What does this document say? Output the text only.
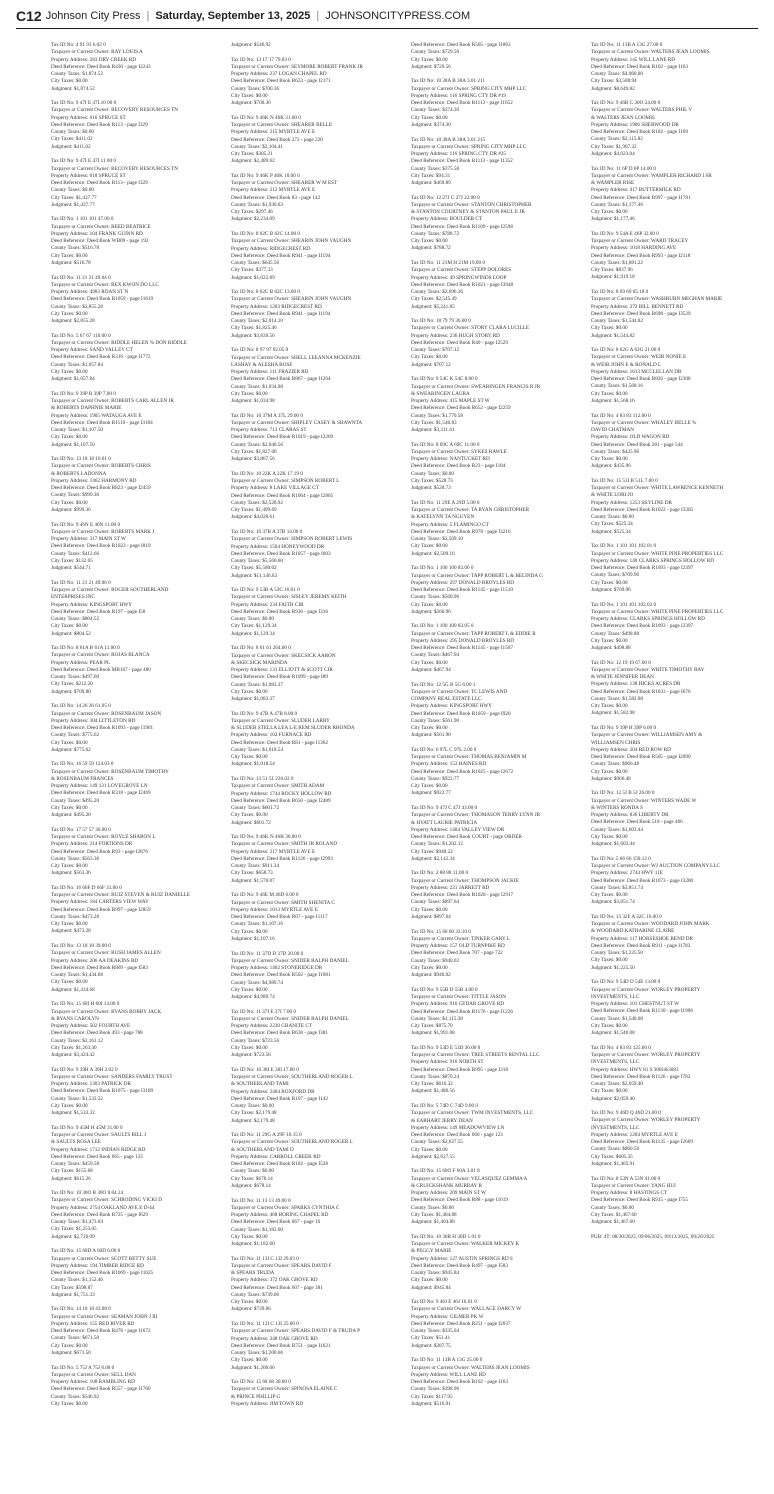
C12 Johnson City Press | Saturday, September 13, 2025 | JOHNSONCITYPRESS.COM
Tax ID No: 4 91 93 6.02 0
Taxpayer or Current Owner: RAY LOUIS A
Property Address: 283 DRY CREEK RD
Deed Reference: Deed Book R430 - page I2243
County Taxes: $1,874.52
City Taxes: $0.00
Judgment: $1,874.52
Tax ID No: 9 47I E 47I.10 00 0
Taxpayer or Current Owner: RECOVERY RESOURCES TN
Property Address: 616 SPRUCE ST
Deed Reference: Deed Book R113 - page I329
County Taxes: $0.00
City Taxes: $411.02
Judgment: $411.02
Tax ID No: 9 47I E 47I.11 00 0
Taxpayer or Current Owner: RECOVERY RESOURCES TN
Property Address: 618 SPRUCE ST
Deed Reference: Deed Book R113 - page I329
County Taxes: $0.00
City Taxes: $1,437.77
Judgment: $1,437.77
Tax ID No: 1 101 101 47.00 0
Taxpayer or Current Owner: REED BEATRICE
Property Address: 104 FRANK GUINN RD
Deed Reference: Deed Book WB09 - page 192
County Taxes: $516.78
City Taxes: $0.00
Judgment: $516.78
Tax ID No: 11 21 21 49.04 0
Taxpayer or Current Owner: REX KWON DO LLC
Property Address: 4903 ROAN ST N
Deed Reference: Deed Book R1059 - page I1619
County Taxes: $2,855.28
City Taxes: $0.00
Judgment: $2,855.28
Tax ID No: 5 67 67 110.00 0
Taxpayer or Current Owner: RIDDLE HELEN % DON RIDDLE
Property Address: SAND VALLEY CT
Deed Reference: Deed Book R316 - page I1772
County Taxes: $1,057.84
City Taxes: $0.00
Judgment: $1,057.84
Tax ID No: 9 39P B 39P 7.00 0
Taxpayer or Current Owner: ROBERTS CARL ALLEN JR
& ROBERTS DAPHNIE MARIE
Property Address: 1905 WATAUGA AVE E
Deed Reference: Deed Book R1110 - page I3184
County Taxes: $1,107.50
City Taxes: $0.00
Judgment: $1,107.50
Tax ID No: 13 18 18 16.01 0
Taxpayer or Current Owner: ROBERTS CHRIS
& ROBERTS LADONNA
Property Address: 1462 HARMONY RD
Deed Reference: Deed Book R823 - page I2459
County Taxes: $999.36
City Taxes: $0.00
Judgment: $999.36
Tax ID No: 9 46N E 46N 11.00 0
Taxpayer or Current Owner: ROBERTS MARK J
Property Address: 317 MAIN ST W
Deed Reference: Deed Book R1023 - page I819
County Taxes: $412.66
City Taxes: $132.05
Judgment: $544.71
Tax ID No: 11 21 21 49.06 0
Taxpayer or Current Owner: ROGER SOUTHERLAND
ENTERPRISES INC
Property Address: KINGSPORT HWY
Deed Reference: Deed Book R197 - page I58
County Taxes: $804.52
City Taxes: $0.00
Judgment: $804.52
Tax ID No: 8 61A B 61A 11.00 0
Taxpayer or Current Owner: ROJAS BLANCA
Property Address: PEAR PL
Deed Reference: Deed Book MB167 - page 480
County Taxes: $497.60
City Taxes: $212.20
Judgment: $709.80
Tax ID No: 14 26 26 61.05 0
Taxpayer or Current Owner: ROSENBAUM JASON
Property Address: 304 LITTLETON RD
Deed Reference: Deed Book R1093 - page I1901
County Taxes: $775.62
City Taxes: $0.00
Judgment: $775.62
Tax ID No: 16 59 59 124.03 0
Taxpayer or Current Owner: ROSENBAUM TIMOTHY
& ROSENBAUM FRANCES
Property Address: 149 131 LOVEGROVE LN
Deed Reference: Deed Book R318 - page I2469
County Taxes: $495.20
City Taxes: $0.00
Judgment: $495.20
Tax ID No: 17 57 57 36.00 0
Taxpayer or Current Owner: ROYLE SHARON L
Property Address: 214 FORTIONS DR
Deed Reference: Deed Book R93 - page I2876
County Taxes: $563.36
City Taxes: $0.00
Judgment: $563.36
Tax ID No: 16 66F D 66F 31.00 0
Taxpayer or Current Owner: RUIZ STEVEN & RUIZ DANIELLE
Property Address: 184 CARTERS VIEW WAY
Deed Reference: Deed Book R997 - page I2859
County Taxes: $473.28
City Taxes: $0.00
Judgment: $473.28
Tax ID No: 13 18 18 39.00 0
Taxpayer or Current Owner: RUSH JAMES ALLEN
Property Address: 206 AA DEAKINS RD
Deed Reference: Deed Book R869 - page I583
County Taxes: $1,434.68
City Taxes: $0.00
Judgment: $1,434.68
Tax ID No: 15 60I H 60I 14.00 0
Taxpayer or Current Owner: RYANS BOBBY JACK
& RYANS CAROLYN
Property Address: 502 FOURTH AVE
Deed Reference: Deed Book 493 - page 788
County Taxes: $2,161.12
City Taxes: $1,263.30
Judgment: $3,424.42
Tax ID No: 9 39H A 39H 2.02 0
Taxpayer or Current Owner: SANDERS FAMILY TRUST
Property Address: 1303 PATRICK DR
Deed Reference: Deed Book R1075 - page I3189
County Taxes: $1,533.32
City Taxes: $0.00
Judgment: $1,533.32
Tax ID No: 9 45M H 45M 31.00 0
Taxpayer or Current Owner: SAULTS BILL J
& SAULTS ROSA LEE
Property Address: 1712 INDIAN RIDGE RD
Deed Reference: Deed Book 665 - page 133
County Taxes: $459.58
City Taxes: $155.68
Judgment: $615.26
Tax ID No: 10 30O B 30O 8.04 24
Taxpayer or Current Owner: SCHRODING VICKI D
Property Address: 2754 OAKLAND AVE E D-44
Deed Reference: Deed Book R725 - page I629
County Taxes: $1,473.04
City Taxes: $1,253.05
Judgment: $2,726.09
Tax ID No: 15 60D A 60D 6.00 0
Taxpayer or Current Owner: SCOTT BETTY SUE
Property Address: 194 TIMBER RIDGE RD
Deed Reference: Deed Book R1069 - page I1625
County Taxes: $1,152.46
City Taxes: $598.87
Judgment: $1,751.33
Tax ID No: 14 18 18 43.08 0
Taxpayer or Current Owner: SEAMAN JOHN J III
Property Address: 155 RED RIVER RD
Deed Reference: Deed Book R478 - page I1672
County Taxes: $671.50
City Taxes: $0.00
Judgment: $671.50
Tax ID No: 5 75J A 75J 8.00 0
Taxpayer or Current Owner: SELL DAN
Property Address: 108 RAMBLING RD
Deed Reference: Deed Book R557 - page I1760
County Taxes: $546.92
City Taxes: $0.00
Judgment: $546.92
Tax ID No: 13 17 17 79.03 0
Taxpayer or Current Owner: SEYMORE ROBERT FRANK JR
Property Address: 237 LOGAN CHAPEL RD
Deed Reference: Deed Book R623 - page I2171
County Taxes: $700.36
City Taxes: $0.00
Judgment: $700.36
Tax ID No: 9 46K N 46K 31.00 0
Taxpayer or Current Owner: SHEARER BELLE
Property Address: 215 MYRTLE AVE E
Deed Reference: Deed Book 272 - page 220
County Taxes: $2,104.41
City Taxes: $385.21
Judgment: $2,489.62
Tax ID No: 9 46K P 46K 10.00 0
Taxpayer or Current Owner: SHEARER W M EST
Property Address: 212 MYRTLE AVE E
Deed Reference: Deed Book 83 - page 142
County Taxes: $1,936.63
City Taxes: $297.46
Judgment: $2,234.09
Tax ID No: 8 62C B 62C 14.00 0
Taxpayer or Current Owner: SHEARIN JOHN VAUGHN
Property Address: RIDGECREST RD
Deed Reference: Deed Book R941 - page I1194
County Taxes: $645.56
City Taxes: $377.33
Judgment: $1,022.89
Tax ID No: 8 62C B 62C 13.00 0
Taxpayer or Current Owner: SHEARIN JOHN VAUGHN
Property Address: 1203 RIDGECREST RD
Deed Reference: Deed Book R941 - page I1194
County Taxes: $2,014.10
City Taxes: $1,825.46
Judgment: $3,839.56
Tax ID No: 8 97 97 92.05 0
Taxpayer or Current Owner: SHELL LEEANNA MCKENZIE
LASHAY & ALESHA ROSE
Property Address: 111 FRAZIER RD
Deed Reference: Deed Book R867 - page I1264
County Taxes: $1,034.98
City Taxes: $0.00
Judgment: $1,034.98
Tax ID No: 10 37M A 37L 29.00 0
Taxpayer or Current Owner: SHIPLEY CASEY & SHAWNTA
Property Address: 713 CLARAS ST
Deed Reference: Deed Book R1019 - page I2269
County Taxes: $2,040.56
City Taxes: $1,827.00
Judgment: $3,867.56
Tax ID No: 10 22K A 22K 17.19 0
Taxpayer or Current Owner: SIMPSON ROBERT L
Property Address: 8 LAKE VILLAGE CT
Deed Reference: Deed Book R1064 - page I2865
County Taxes: $2,528.92
City Taxes: $1,499.69
Judgment: $4,028.61
Tax ID No: 10 37B A 37B 14.00 0
Taxpayer or Current Owner: SIMPSON ROBERT LEWIS
Property Address: 1504 HONEYWOOD DR
Deed Reference: Deed Book R1057 - page I603
County Taxes: $5,566.60
City Taxes: $5,580.02
Judgment: $11,146.62
Tax ID No: 9 53B A 53C 16.01 0
Taxpayer or Current Owner: SISLEY JEREMY KEITH
Property Address: 234 FAITH CIR
Deed Reference: Deed Book R936 - page I316
County Taxes: $0.00
City Taxes: $1,129.34
Judgment: $1,129.34
Tax ID No: 8 61 61 264.00 0
Taxpayer or Current Owner: SKECSICK AARON
& SKECSICK MARINDA
Property Address: 131 ELLIOTT & SCOTT CIR
Deed Reference: Deed Book R1099 - page I89
County Taxes: $1,083.37
City Taxes: $0.00
Judgment: $1,083.37
Tax ID No: 9 47B A 47B 8.00 0
Taxpayer or Current Owner: SLUDER LARRY
& SLUDER STELLA LEA L/E REM:SLUDER RHONDA
Property Address: 102 FURNACE RD
Deed Reference: Deed Book R81 - page I1362
County Taxes: $1,018.54
City Taxes: $0.00
Judgment: $1,018.54
Tax ID No: 13 51 51 226.02 0
Taxpayer or Current Owner: SMITH ADAM
Property Address: 1744 ROCKY HOLLOW RD
Deed Reference: Deed Book R650 - page I2489
County Taxes: $601.72
City Taxes: $0.00
Judgment: $601.72
Tax ID No: 9 46K N 46K 30.00 0
Taxpayer or Current Owner: SMITH JR ROLAND
Property Address: 217 MYRTLE AVE E
Deed Reference: Deed Book R1126 - page I2993
County Taxes: $911.34
City Taxes: $658.73
Judgment: $1,570.07
Tax ID No: 9 46E M 46D 6.00 0
Taxpayer or Current Owner: SMITH SHENITA C
Property Address: 1013 MYRTLE AVE E
Deed Reference: Deed Book R67 - page I1117
County Taxes: $1,107.16
City Taxes: $0.00
Judgment: $1,107.16
Tax ID No: 11 37D D 37D 20.00 0
Taxpayer or Current Owner: SNIDER RALPH DANIEL
Property Address: 1462 STONERIDGE DR
Deed Reference: Deed Book R502 - page I1081
County Taxes: $4,989.74
City Taxes: $0.00
Judgment: $4,989.74
Tax ID No: 11 37I E 37I 7.00 0
Taxpayer or Current Owner: SNIDER RALPH DANIEL
Property Address: 2230 GRANITE CT
Deed Reference: Deed Book R638 - page I381
County Taxes: $723.56
City Taxes: $0.00
Judgment: $723.56
Tax ID No: 10 38I E 38I 17.00 0
Taxpayer or Current Owner: SOUTHERLAND ROGER L
& SOUTHERLAND TAMI
Property Address: 2404 ROXFORD DR
Deed Reference: Deed Book R107 - page I142
County Taxes: $0.00
City Taxes: $2,179.48
Judgment: $2,179.48
Tax ID No: 11 29G A 29F 16.15 0
Taxpayer or Current Owner: SOUTHERLAND ROGER L
& SOUTHERLAND TAMI D
Property Address: CARROLL CREEK RD
Deed Reference: Deed Book R102 - page I528
County Taxes: $0.00
City Taxes: $678.14
Judgment: $678.14
Tax ID No: 11 13 13 49.00 0
Taxpayer or Current Owner: SPARKS CYNTHIA C
Property Address: 468 BORING CHAPEL RD
Deed Reference: Deed Book 667 - page 16
County Taxes: $1,182.60
City Taxes: $0.00
Judgment: $1,182.60
Tax ID No: 11 13I C 13I 29.03 0
Taxpayer or Current Owner: SPEARS DAVID F
& SPEARS TRUDA
Property Address: 372 OAK GROVE RD
Deed Reference: Deed Book 607 - page 381
County Taxes: $739.06
City Taxes: $0.00
Judgment: $739.06
Tax ID No: 11 13I C 13I 25.00 0
Taxpayer or Current Owner: SPEARS DAVID F & TRUDA P
Property Address: 348 OAK GROVE RD
Deed Reference: Deed Book R751 - page I1621
County Taxes: $1,200.66
City Taxes: $0.00
Judgment: $1,200.66
Tax ID No: 15 68 68 30.00 0
Taxpayer or Current Owner: SPINOSA ELAINE C
& PRINCE PHILLIP G
Property Address: JIM TOWN RD
Deed Reference: Deed Book R505 - page I1863
County Taxes: $729.56
City Taxes: $0.00
Judgment: $729.56
Tax ID No: 10 38A B 38A 3.01 211
Taxpayer or Current Owner: SPRING CITY MHP LLC
Property Address: 116 SPRING CTY DR #19
Deed Reference: Deed Book R1113 - page I1652
County Taxes: $374.30
City Taxes: $0.00
Judgment: $374.30
Tax ID No: 10 38A B 38A 3.01 215
Taxpayer or Current Owner: SPRING CITY MHP LLC
Property Address: 116 SPRING CTY DR #25
Deed Reference: Deed Book R1113 - page I1352
County Taxes: $375.58
City Taxes: $94.31
Judgment: $469.89
Tax ID No: 12 27J C 27J 22.00 0
Taxpayer or Current Owner: STANTON CHRISTOPHER
& STANTON COURTNEY & STANTON PAUL E JR
Property Address: BOULDER CT
Deed Reference: Deed Book R1109 - page I2598
County Taxes: $788.72
City Taxes: $0.00
Judgment: $788.72
Tax ID No: 11 21M H 21M 19.00 0
Taxpayer or Current Owner: STEPP DOLORES
Property Address: 49 SPRINGWINDS LOOP
Deed Reference: Deed Book R1021 - page I3948
County Taxes: $2,696.36
City Taxes: $2,545.49
Judgment: $5,241.85
Tax ID No: 18 79 79 36.00 0
Taxpayer or Current Owner: STORY CLARA LUCILLE
Property Address: 236 HUGH STORY RD
Deed Reference: Deed Book R40 - page I2529
County Taxes: $707.12
City Taxes: $0.00
Judgment: $707.12
Tax ID No: 9 54C K 54C 8.00 0
Taxpayer or Current Owner: SWEARINGEN FRANCIS R JR
& SWEARINGEN LAURA
Property Address: 415 MAPLE ST W
Deed Reference: Deed Book R652 - page I2259
County Taxes: $1,770.58
City Taxes: $1,540.83
Judgment: $3,311.41
Tax ID No: 8 69C A 69C 11.00 0
Taxpayer or Current Owner: SYKES RAWLE
Property Address: NANTUCKET RD
Deed Reference: Deed Book R23 - page I184
County Taxes: $0.00
City Taxes: $528.73
Judgment: $528.73
Tax ID No: 11 29E A 29D 5.00 0
Taxpayer or Current Owner: TA RYAN CHRISTOPHER
& KATELYNN TA NGUYEN
Property Address: 5 FLAMINGO CT
Deed Reference: Deed Book R978 - page I3216
County Taxes: $2,509.10
City Taxes: $0.00
Judgment: $2,509.10
Tax ID No: 1 100 100 83.06 0
Taxpayer or Current Owner: TAPP ROBERT L & BELINDA G
Property Address: 297 DONALD BROYLES RD
Deed Reference: Deed Book R1145 - page I1510
County Taxes: $560.96
City Taxes: $0.00
Judgment: $560.96
Tax ID No: 1 100 100 83.05 0
Taxpayer or Current Owner: TAPP ROBERT L & EDDIE R
Property Address: 295 DONALD BROYLES RD
Deed Reference: Deed Book R1145 - page I1507
County Taxes: $467.94
City Taxes: $0.00
Judgment: $467.94
Tax ID No: 12 5G B 5G 6.00 1
Taxpayer or Current Owner: TC LEWIS AND
COMPANY REAL ESTATE LLC
Property Address: KINGSPORT HWY
Deed Reference: Deed Book R1059 - page I920
County Taxes: $561.90
City Taxes: $0.00
Judgment: $561.90
Tax ID No: 6 97L C 97L 2.00 0
Taxpayer or Current Owner: THOMAS BENJAMIN M
Property Address: 153 HAINES RD
Deed Reference: Deed Book R1025 - page I2672
County Taxes: $922.77
City Taxes: $0.00
Judgment: $922.77
Tax ID No: 9 47J C 47J 43.00 0
Taxpayer or Current Owner: THOMASON TERRY LYNN JR
& HYATT LAURIE PATRICIA
Property Address: 1404 VALLEY VIEW DR
Deed Reference: Deed Book COURT - page ORDER
County Taxes: $1,202.12
City Taxes: $940.22
Judgment: $2,142.34
Tax ID No: 2 88 88 11.00 0
Taxpayer or Current Owner: THOMPSON JACKIE
Property Address: 221 JARRETT RD
Deed Reference: Deed Book R1028 - page I2917
County Taxes: $897.64
City Taxes: $0.00
Judgment: $897.64
Tax ID No: 15 60 60 33.10 0
Taxpayer or Current Owner: TINKER GARY L
Property Address: 157 OLD TURNPIKE RD
Deed Reference: Deed Book 707 - page 722
County Taxes: $940.02
City Taxes: $0.00
Judgment: $940.02
Tax ID No: 9 55B D 55B 4.00 0
Taxpayer or Current Owner: TITTLE JASON
Property Address: 916 CEDAR GROVE RD
Deed Reference: Deed Book R1176 - page I1226
County Taxes: $1,115.38
City Taxes: $875.70
Judgment: $1,991.08
Tax ID No: 9 53D E 53D 36.00 0
Taxpayer or Current Owner: TREE STREETS RENTAL LLC
Property Address: 916 NORTH ST
Deed Reference: Deed Book R995 - page I318
County Taxes: $870.24
City Taxes: $616.32
Judgment: $1,486.56
Tax ID No: 5 74D C 74D 9.00 0
Taxpayer or Current Owner: TWM INVESTMENTS, LLC
& EARHART JERRY DEAN
Property Address: 149 MEADOWVIEW LN
Deed Reference: Deed Book 668 - page 123
County Taxes: $2,627.55
City Taxes: $0.00
Judgment: $2,627.55
Tax ID No: 15 60O F 60A 3.01 8
Taxpayer or Current Owner: VELASQUEZ GEMMA A
& CRUICKSHANK MURRAY R
Property Address: 209 MAIN ST W
Deed Reference: Deed Book R88 - page I1619
County Taxes: $0.00
City Taxes: $1,404.88
Judgment: $1,404.88
Tax ID No: 10 30B H 30D 1.01 0
Taxpayer or Current Owner: WALKER MICKEY K
& PEGGY MARIE
Property Address: 127 AUSTIN SPRINGS RD S
Deed Reference: Deed Book R497 - page I583
County Taxes: $945.84
City Taxes: $0.00
Judgment: $945.84
Tax ID No: 9 46J E 46J 16.01 0
Taxpayer or Current Owner: WALLACE DARCY W
Property Address: GILMER PK W
Deed Reference: Deed Book R251 - page I2037
County Taxes: $335.04
City Taxes: $51.41
Judgment: $387.75
Tax ID No: 11 13B A 13G 25.00 0
Taxpayer or Current Owner: WALTERS JEAN LOOMIS
Property Address: WILL LANE RD
Deed Reference: Deed Book R102 - page I163
County Taxes: $398.96
City Taxes: $117.95
Judgment: $516.91
Tax ID No: 11 13B A 13G 27.00 0
Taxpayer or Current Owner: WALTERS JEAN LOOMIS
Property Address: 145 WILL LANE RD
Deed Reference: Deed Book R102 - page I163
County Taxes: $4,060.00
City Taxes: $3,588.94
Judgment: $8,649.82
Tax ID No: 9 46B C 30O 24.00 0
Taxpayer or Current Owner: WALTERS PHIL V
& WALTERS JEAN LOOMIS
Property Address: 1906 SHERWOOD DR
Deed Reference: Deed Book R102 - page I169
County Taxes: $2,115.82
City Taxes: $1,907.22
Judgment: $4,023.04
Tax ID No: 11 6P D 6P 14.00 0
Taxpayer or Current Owner: WAMPLER RICHARD I SR
& WAMPLER RISE
Property Address: 417 BUTTERMILK RD
Deed Reference: Deed Book R997 - page I1781
County Taxes: $1,177.46
City Taxes: $0.00
Judgment: $1,177.46
Tax ID No: 9 54A E 46P 32.00 0
Taxpayer or Current Owner: WARD TRACEY
Property Address: 1018 HARDING AVE
Deed Reference: Deed Book R993 - page I2118
County Taxes: $1,081.22
City Taxes: $837.96
Judgment: $1,919.18
Tax ID No: 8 69 69 65.18 0
Taxpayer or Current Owner: WASHBURN MEGHAN MARIE
Property Address: 372 BILL BENNETT RD
Deed Reference: Deed Book R698 - page I3529
County Taxes: $1,544.82
City Taxes: $0.00
Judgment: $1,544.82
Tax ID No: 8 62G A 62G 21.00 0
Taxpayer or Current Owner: WEIR NONIE E
& WEIR JOHN E & RONALD L
Property Address: 1613 MCCLELLAN DR
Deed Reference: Deed Book R826 - page I2308
County Taxes: $1,568.16
City Taxes: $0.00
Judgment: $1,568.16
Tax ID No: 4 83 83 112.00 0
Taxpayer or Current Owner: WHALEY BELLE %
DAVID CHATMAN
Property Address: OLD WAGON RD
Deed Reference: Deed Book 281 - page 544
County Taxes: $435.96
City Taxes: $0.00
Judgment: $435.96
Tax ID No: 15 51I B 51L 7.00 0
Taxpayer or Current Owner: WHITE LAWRENCE KENNETH
& WHITE LORI JO
Property Address: 1253 SKYLINE DR
Deed Reference: Deed Book R1022 - page I3305
County Taxes: $0.00
City Taxes: $525.34
Judgment: $525.34
Tax ID No: 1 101 101 102.01 0
Taxpayer or Current Owner: WHITE PINE PROPERTIES LLC
Property Address: 140 CLARKS SPRINGS HOLLOW RD
Deed Reference: Deed Book R1093 - page I2397
County Taxes: $709.96
City Taxes: $0.00
Judgment: $709.96
Tax ID No: 1 101 101 102.02 0
Taxpayer or Current Owner: WHITE PINE PROPERTIES LLC
Property Address: CLARKS SPRINGS HOLLOW RD
Deed Reference: Deed Book R1093 - page I2397
County Taxes: $498.88
City Taxes: $0.00
Judgment: $498.88
Tax ID No: 12 19 19 67.00 0
Taxpayer or Current Owner: WHITE TIMOTHY RAY
& WHITE JENNIFER DEAN
Property Address: 138 HICKS ACRES DR
Deed Reference: Deed Book R1033 - page I676
County Taxes: $1,582.98
City Taxes: $0.00
Judgment: $1,582.98
Tax ID No: 9 39P H 39P 6.00 0
Taxpayer or Current Owner: WILLIAMSEN AMY &
WILLIAMSEN CHRIS
Property Address: 204 RED ROW RD
Deed Reference: Deed Book R505 - page I2090
County Taxes: $966.48
City Taxes: $0.00
Judgment: $966.48
Tax ID No: 12 5J B 5J 26.00 0
Taxpayer or Current Owner: WINTERS WADE W
& WINTERS RONDA S
Property Address: 836 LIBERTY DR
Deed Reference: Deed Book 518 - page 466
County Taxes: $1,603.44
City Taxes: $0.00
Judgment: $1,603.44
Tax ID No: 5 66 66 158.12 0
Taxpayer or Current Owner: WJ AUCTION COMPANY LLC
Property Address: 2744 HWY 11E
Deed Reference: Deed Book R1073 - page I3280
County Taxes: $3,851.74
City Taxes: $0.00
Judgment: $3,851.74
Tax ID No: 15 32F A 32C 16.00 0
Taxpayer or Current Owner: WOODARD JOHN MARK
& WOODARD KATHARINE CLAIRE
Property Address: 117 HORSESHOE BEND DR
Deed Reference: Deed Book R911 - page I1783
County Taxes: $1,225.50
City Taxes: $0.00
Judgment: $1,225.50
Tax ID No: 9 54D D 54E 13.00 0
Taxpayer or Current Owner: WORLEY PROPERTY
INVESTMENTS, LLC
Property Address: 101 CHESTNUT ST W
Deed Reference: Deed Book R1130 - page I1996
County Taxes: $1,540.08
City Taxes: $0.00
Judgment: $1,540.08
Tax ID No: 4 83 83 125.00 0
Taxpayer or Current Owner: WORLEY PROPERTY
INVESTMENTS, LLC
Property Address: HWY 81 S 3081&3083
Deed Reference: Deed Book R1126 - page I782
County Taxes: $2,059.40
City Taxes: $0.00
Judgment: $2,059.40
Tax ID No: 9 46D Q 46D 21.00 0
Taxpayer or Current Owner: WORLEY PROPERTY
INVESTMENTS, LLC
Property Address: 1204 MYRTLE AVE E
Deed Reference: Deed Book R1135 - page I2609
County Taxes: $860.56
City Taxes: $605.35
Judgment: $1,465.91
Tax ID No: 8 53N A 53N 41.00 0
Taxpayer or Current Owner: YANG HUI
Property Address: 8 HASTINGS CT
Deed Reference: Deed Book R915 - page I755
County Taxes: $0.00
City Taxes: $1,467.60
Judgment: $1,467.60
PUB: 4T: 08/30/2025, 09/06/2025, 09/13/2025, 09/20/2025
